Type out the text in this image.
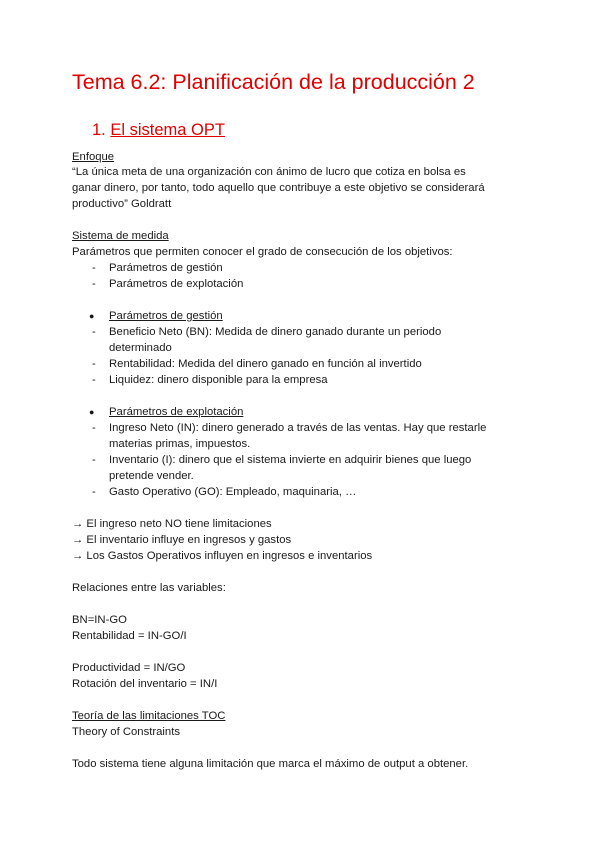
Tema 6.2: Planificación de la producción 2
1. El sistema OPT
Enfoque
“La única meta de una organización con ánimo de lucro que cotiza en bolsa es
ganar dinero, por tanto, todo aquello que contribuye a este objetivo se considerará
productivo” Goldratt
Sistema de medida
Parámetros que permiten conocer el grado de consecución de los objetivos:
- Parámetros de gestión
- Parámetros de explotación
● Parámetros de gestión
- Beneficio Neto (BN): Medida de dinero ganado durante un periodo
determinado
- Rentabilidad: Medida del dinero ganado en función al invertido
- Liquidez: dinero disponible para la empresa
● Parámetros de explotación
- Ingreso Neto (IN): dinero generado a través de las ventas. Hay que restarle
materias primas, impuestos.
- Inventario (I): dinero que el sistema invierte en adquirir bienes que luego
pretende vender.
- Gasto Operativo (GO): Empleado, maquinaria, …
→ El ingreso neto NO tiene limitaciones
→ El inventario influye en ingresos y gastos
→ Los Gastos Operativos influyen en ingresos e inventarios
Relaciones entre las variables:
BN=IN-GO
Rentabilidad = IN-GO/I
Productividad = IN/GO
Rotación del inventario = IN/I
Teoría de las limitaciones TOC
Theory of Constraints
Todo sistema tiene alguna limitación que marca el máximo de output a obtener.
